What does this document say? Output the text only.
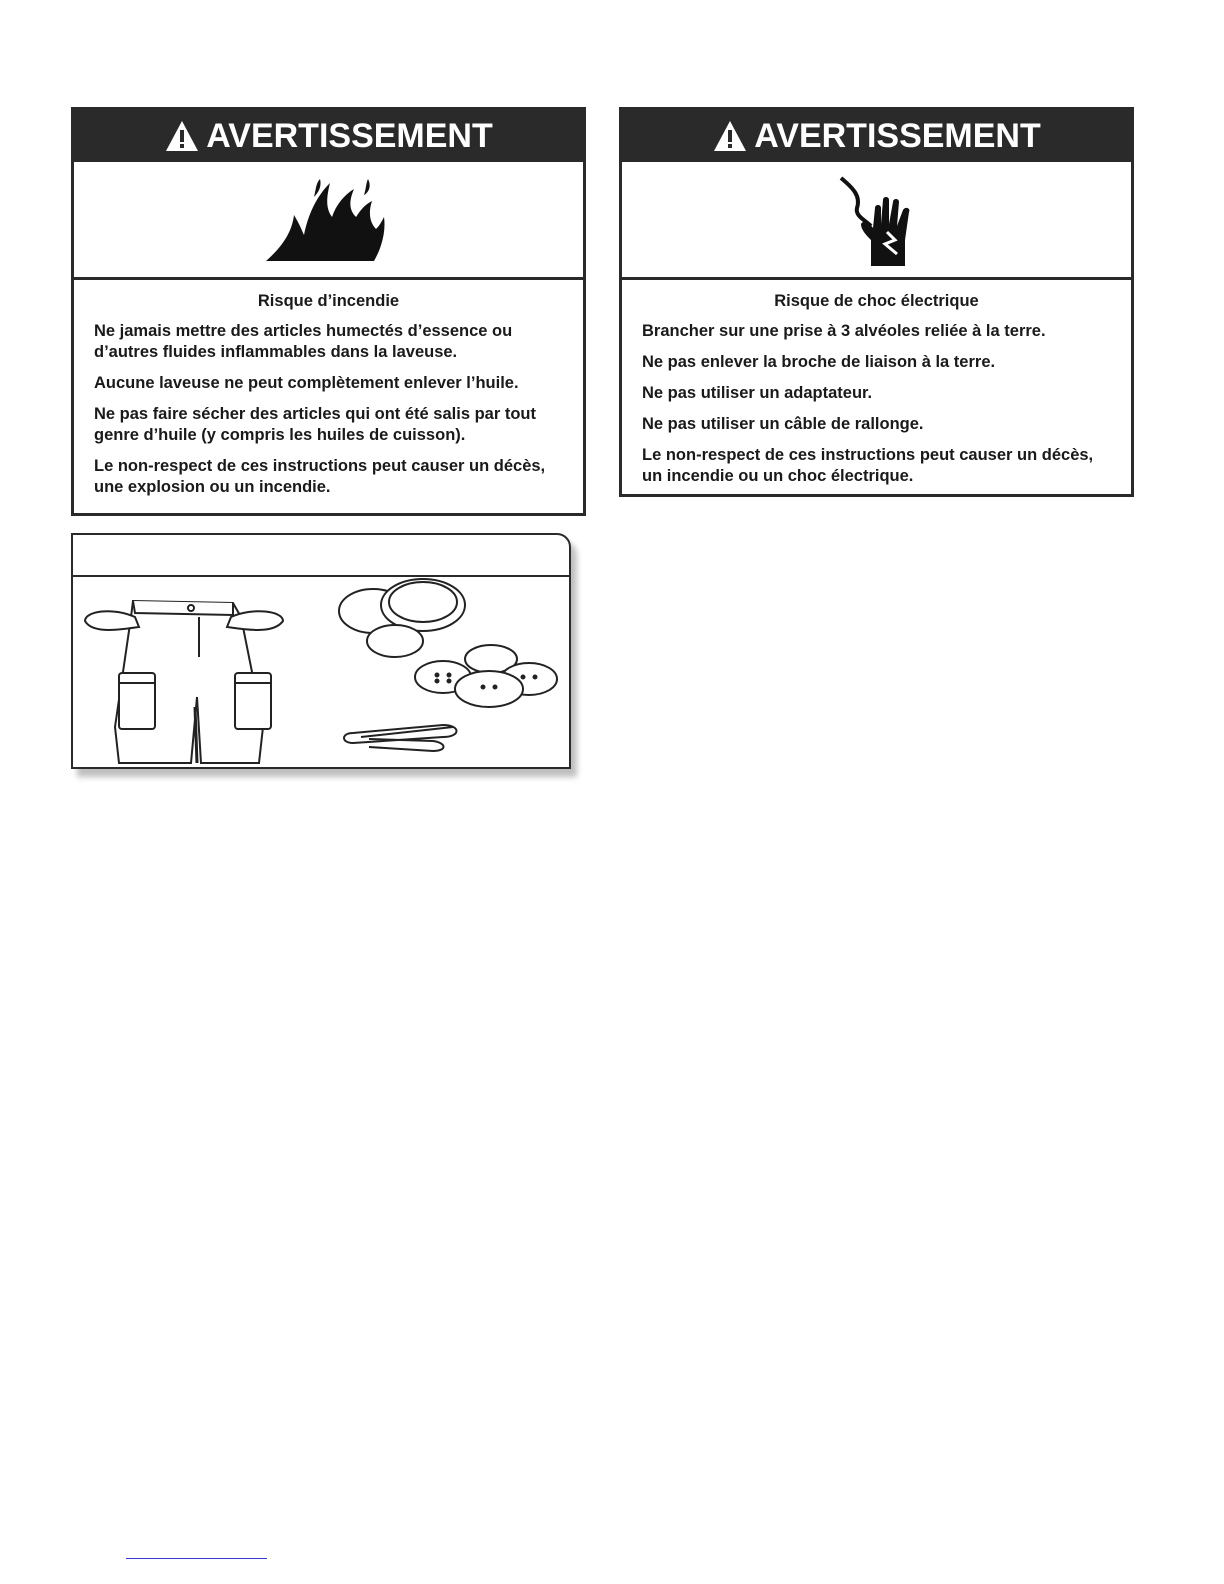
AVERTISSEMENT

Risque d’incendie

Ne jamais mettre des articles humectés d’essence ou d’autres fluides inflammables dans la laveuse.

Aucune laveuse ne peut complètement enlever l’huile.

Ne pas faire sécher des articles qui ont été salis par tout genre d’huile (y compris les huiles de cuisson).

Le non-respect de ces instructions peut causer un décès, une explosion ou un incendie.

AVERTISSEMENT

Risque de choc électrique

Brancher sur une prise à 3 alvéoles reliée à la terre.

Ne pas enlever la broche de liaison à la terre.

Ne pas utiliser un adaptateur.

Ne pas utiliser un câble de rallonge.

Le non-respect de ces instructions peut causer un décès, un incendie ou un choc électrique.
